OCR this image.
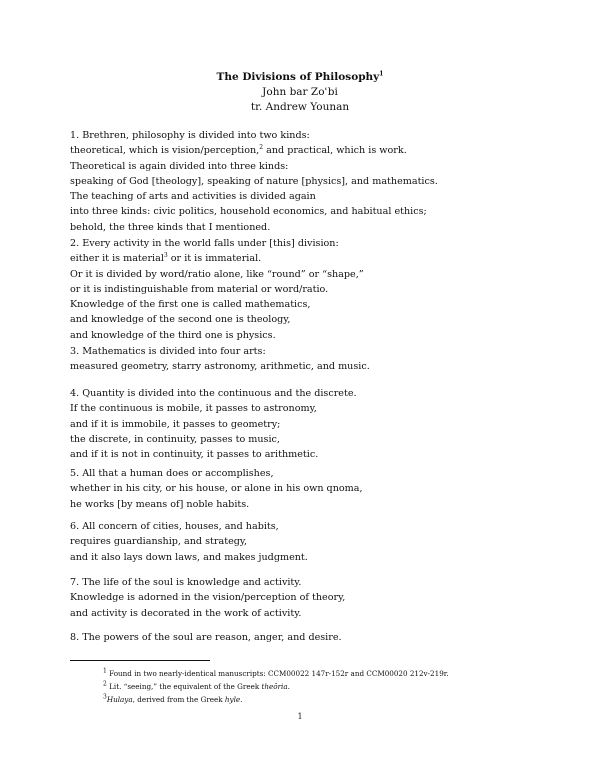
The Divisions of Philosophy$^1$
John bar Zoʿbi
tr. Andrew Younan
1. Brethren, philosophy is divided into two kinds:
theoretical, which is vision/perception,$^2$ and practical, which is work.
Theoretical is again divided into three kinds:
speaking of God [theology], speaking of nature [physics], and mathematics.
The teaching of arts and activities is divided again
into three kinds: civic politics, household economics, and habitual ethics;
behold, the three kinds that I mentioned.
2. Every activity in the world falls under [this] division:
either it is material$^3$ or it is immaterial.
Or it is divided by word/ratio alone, like “round” or “shape,”
or it is indistinguishable from material or word/ratio.
Knowledge of the first one is called mathematics,
and knowledge of the second one is theology,
and knowledge of the third one is physics.
3. Mathematics is divided into four arts:
measured geometry, starry astronomy, arithmetic, and music.
4. Quantity is divided into the continuous and the discrete.
If the continuous is mobile, it passes to astronomy,
and if it is immobile, it passes to geometry;
the discrete, in continuity, passes to music,
and if it is not in continuity, it passes to arithmetic.
5. All that a human does or accomplishes,
whether in his city, or his house, or alone in his own qnoma,
he works [by means of] noble habits.
6. All concern of cities, houses, and habits,
requires guardianship, and strategy,
and it also lays down laws, and makes judgment.
7. The life of the soul is knowledge and activity.
Knowledge is adorned in the vision/perception of theory,
and activity is decorated in the work of activity.
8. The powers of the soul are reason, anger, and desire.
$^1$ Found in two nearly-identical manuscripts: CCM00022 147r-152r and CCM00020 212v-219r.
$^2$ Lit. “seeing,” the equivalent of the Greek theōria.
$^3$Hulaya, derived from the Greek hyle.
1
